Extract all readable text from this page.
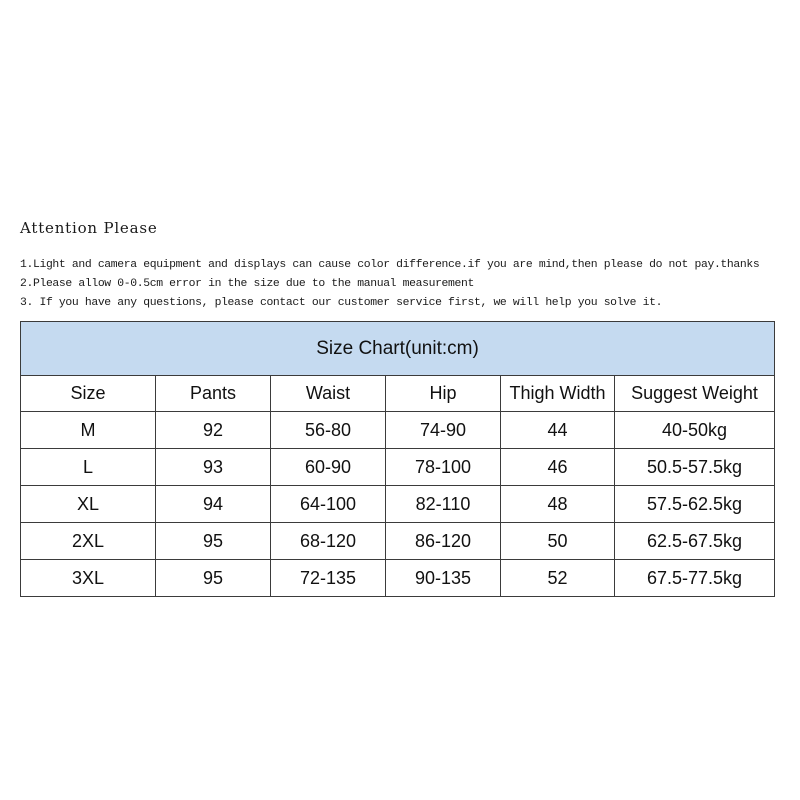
Attention Please
1.Light and camera equipment and displays can cause color difference.if you are mind,then please do not pay.thanks
2.Please allow 0-0.5cm error in the size due to the manual measurement
3. If you have any questions, please contact our customer service first, we will help you solve it.
Size Chart(unit:cm)					
Size	Pants	Waist	Hip	Thigh Width	Suggest Weight
M	92	56-80	74-90	44	40-50kg
L	93	60-90	78-100	46	50.5-57.5kg
XL	94	64-100	82-110	48	57.5-62.5kg
2XL	95	68-120	86-120	50	62.5-67.5kg
3XL	95	72-135	90-135	52	67.5-77.5kg
